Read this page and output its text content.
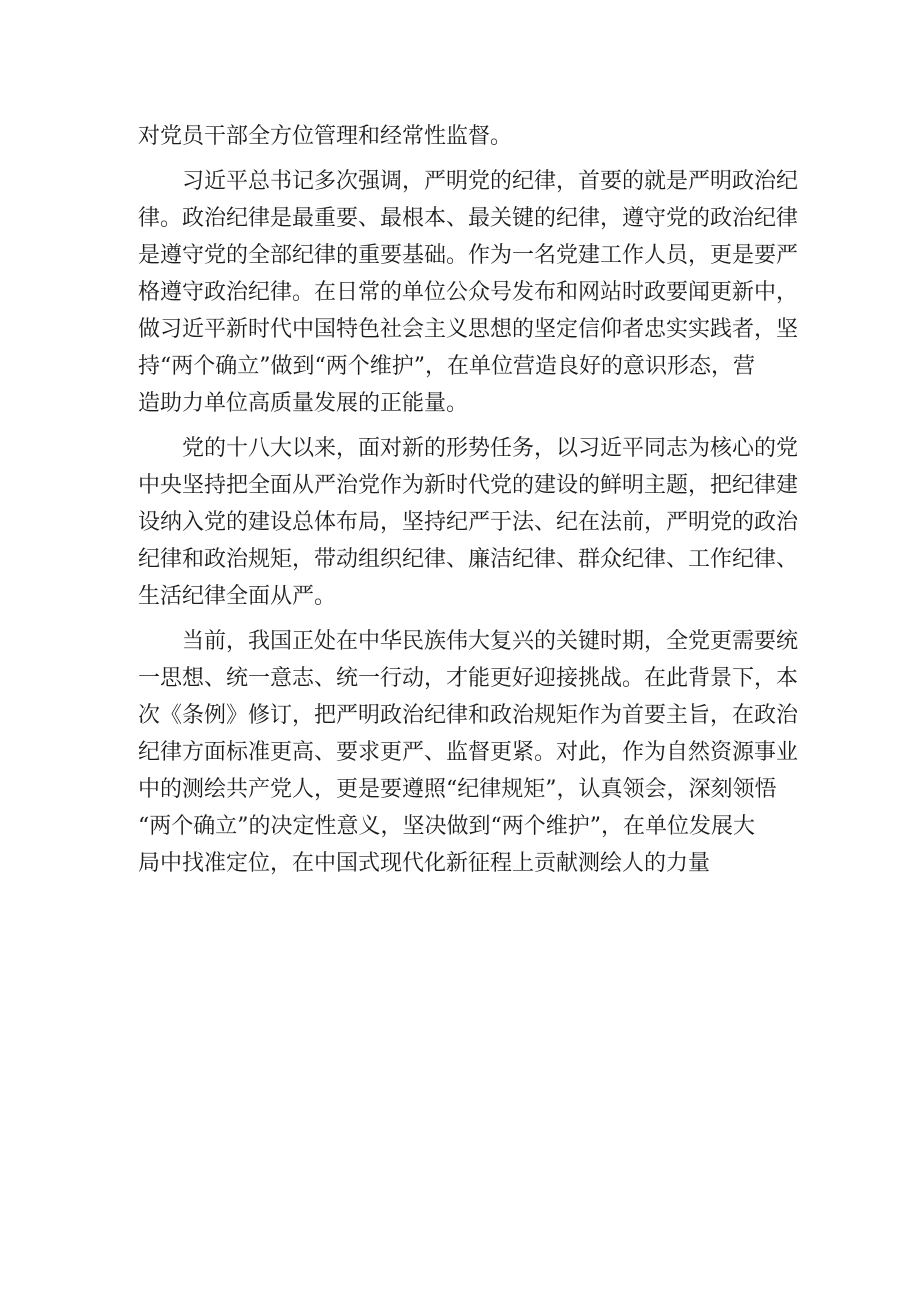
对党员干部全方位管理和经常性监督。
　　习近平总书记多次强调，严明党的纪律，首要的就是严明政治纪
律。政治纪律是最重要、最根本、最关键的纪律，遵守党的政治纪律
是遵守党的全部纪律的重要基础。作为一名党建工作人员，更是要严
格遵守政治纪律。在日常的单位公众号发布和网站时政要闻更新中，
做习近平新时代中国特色社会主义思想的坚定信仰者忠实实践者，坚
持“两个确立”做到“两个维护”，在单位营造良好的意识形态，营
造助力单位高质量发展的正能量。
　　党的十八大以来，面对新的形势任务，以习近平同志为核心的党
中央坚持把全面从严治党作为新时代党的建设的鲜明主题，把纪律建
设纳入党的建设总体布局，坚持纪严于法、纪在法前，严明党的政治
纪律和政治规矩，带动组织纪律、廉洁纪律、群众纪律、工作纪律、
生活纪律全面从严。
　　当前，我国正处在中华民族伟大复兴的关键时期，全党更需要统
一思想、统一意志、统一行动，才能更好迎接挑战。在此背景下，本
次《条例》修订，把严明政治纪律和政治规矩作为首要主旨，在政治
纪律方面标准更高、要求更严、监督更紧。对此，作为自然资源事业
中的测绘共产党人，更是要遵照“纪律规矩”，认真领会，深刻领悟
“两个确立”的决定性意义，坚决做到“两个维护”，在单位发展大
局中找准定位，在中国式现代化新征程上贡献测绘人的力量
